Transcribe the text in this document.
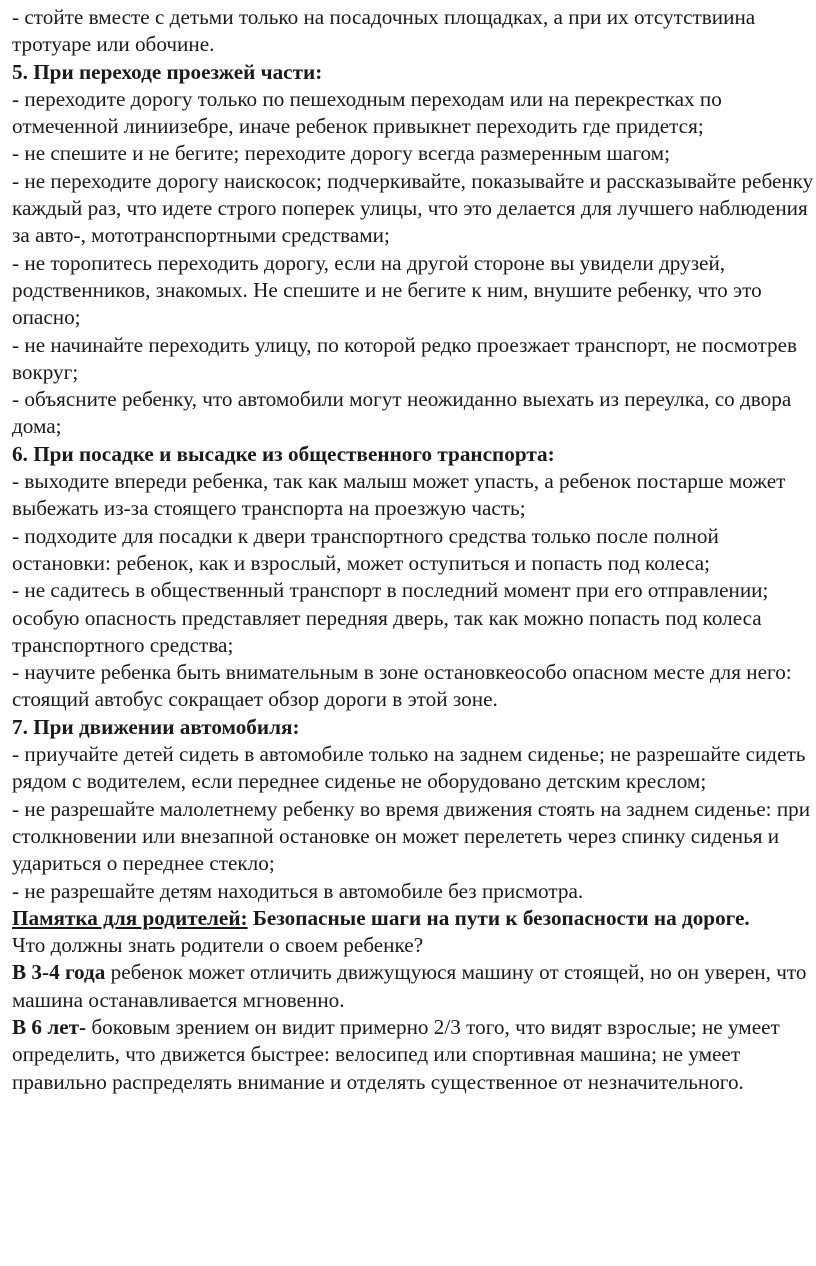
- стойте вместе с детьми только на посадочных площадках, а при их отсутствиина тротуаре или обочине.

5. При переходе проезжей части:

- переходите дорогу только по пешеходным переходам или на перекрестках по отмеченной линиизебре, иначе ребенок привыкнет переходить где придется;

- не спешите и не бегите; переходите дорогу всегда размеренным шагом;

- не переходите дорогу наискосок; подчеркивайте, показывайте и рассказывайте ребенку каждый раз, что идете строго поперек улицы, что это делается для лучшего наблюдения за авто-, мототранспортными средствами;

- не торопитесь переходить дорогу, если на другой стороне вы увидели друзей, родственников, знакомых. Не спешите и не бегите к ним, внушите ребенку, что это опасно;

- не начинайте переходить улицу, по которой редко проезжает транспорт, не посмотрев вокруг;

- объясните ребенку, что автомобили могут неожиданно выехать из переулка, со двора дома;

6. При посадке и высадке из общественного транспорта:

- выходите впереди ребенка, так как малыш может упасть, а ребенок постарше может выбежать из-за стоящего транспорта на проезжую часть;

- подходите для посадки к двери транспортного средства только после полной остановки: ребенок, как и взрослый, может оступиться и попасть под колеса;

- не садитесь в общественный транспорт в последний момент при его отправлении; особую опасность представляет передняя дверь, так как можно попасть под колеса транспортного средства;

- научите ребенка быть внимательным в зоне остановкеособо опасном месте для него: стоящий автобус сокращает обзор дороги в этой зоне.

7. При движении автомобиля:

- приучайте детей сидеть в автомобиле только на заднем сиденье; не разрешайте сидеть рядом с водителем, если переднее сиденье не оборудовано детским креслом;

- не разрешайте малолетнему ребенку во время движения стоять на заднем сиденье: при столкновении или внезапной остановке он может перелететь через спинку сиденья и удариться о переднее стекло;

- не разрешайте детям находиться в автомобиле без присмотра.

Памятка для родителей: Безопасные шаги на пути к безопасности на дороге.

Что должны знать родители о своем ребенке?

В 3-4 года ребенок может отличить движущуюся машину от стоящей, но он уверен, что машина останавливается мгновенно.

В 6 лет- боковым зрением он видит примерно 2/3 того, что видят взрослые; не умеет определить, что движется быстрее: велосипед или спортивная машина; не умеет правильно распределять внимание и отделять существенное от незначительного.
